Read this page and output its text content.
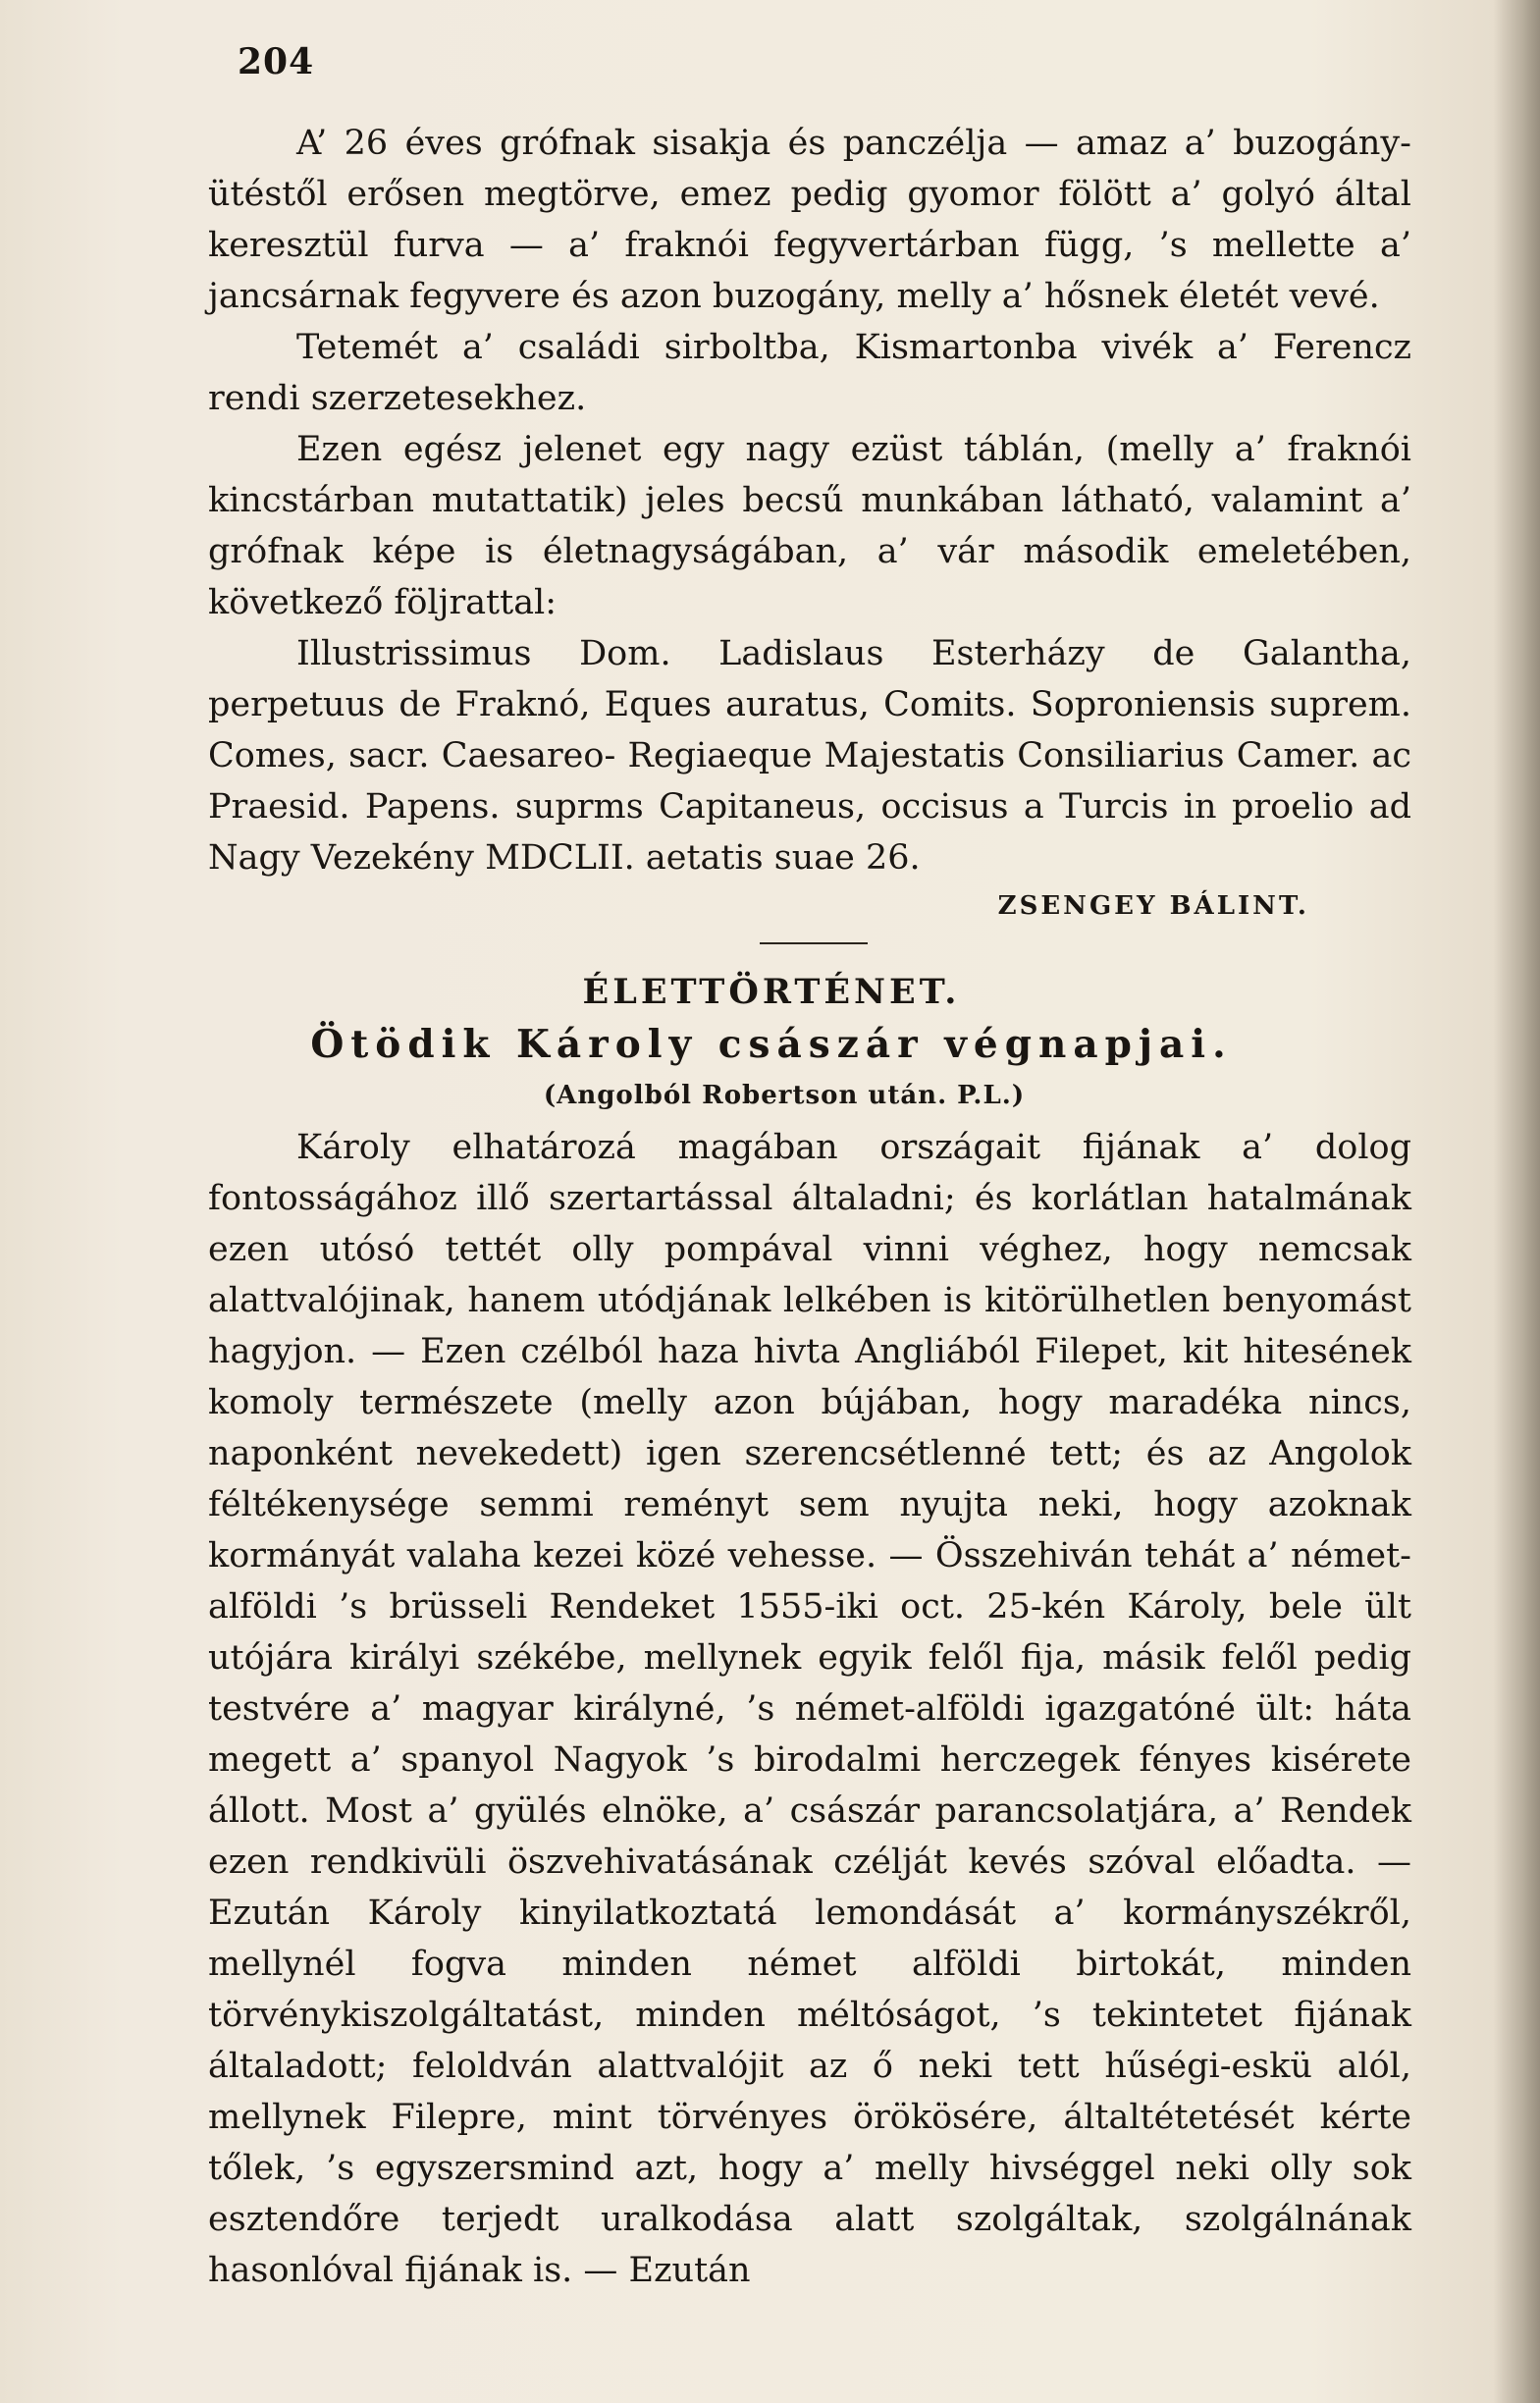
204

A’ 26 éves grófnak sisakja és panczélja — amaz a’ buzogány-ütéstől erősen megtörve, emez pedig gyomor fölött a’ golyó által keresztül furva — a’ fraknói fegyvertárban függ, ’s mellette a’ jancsárnak fegyvere és azon buzogány, melly a’ hősnek életét vevé.

Tetemét a’ családi sirboltba, Kismartonba vivék a’ Ferencz rendi szerzetesekhez.

Ezen egész jelenet egy nagy ezüst táblán, (melly a’ fraknói kincstárban mutattatik) jeles becsű munkában látható, valamint a’ grófnak képe is életnagyságában, a’ vár második emeletében, következő följrattal:

Illustrissimus Dom. Ladislaus Esterházy de Galantha, perpetuus de Fraknó, Eques auratus, Comits. Soproniensis suprem. Comes, sacr. Caesareo- Regiaeque Majestatis Consiliarius Camer. ac Praesid. Papens. suprms Capitaneus, occisus a Turcis in proelio ad Nagy Vezekény MDCLII. aetatis suae 26.

ZSENGEY BÁLINT.
ÉLETTÖRTÉNET.
Ötödik Károly császár végnapjai.
(Angolból Robertson után. P.L.)

Károly elhatározá magában országait fijának a’ dolog fontosságához illő szertartással általadni; és korlátlan hatalmának ezen utósó tettét olly pompával vinni véghez, hogy nemcsak alattvalójinak, hanem utódjának lelkében is kitörülhetlen benyomást hagyjon. — Ezen czélból haza hivta Angliából Filepet, kit hitesének komoly természete (melly azon bújában, hogy maradéka nincs, naponként nevekedett) igen szerencsétlenné tett; és az Angolok féltékenysége semmi reményt sem nyujta neki, hogy azoknak kormányát valaha kezei közé vehesse. — Összehiván tehát a’ német-alföldi ’s brüsseli Rendeket 1555-iki oct. 25-kén Károly, bele ült utójára királyi székébe, mellynek egyik felől fija, másik felől pedig testvére a’ magyar királyné, ’s német-alföldi igazgatóné ült: háta megett a’ spanyol Nagyok ’s birodalmi herczegek fényes kisérete állott. Most a’ gyülés elnöke, a’ császár parancsolatjára, a’ Rendek ezen rendkivüli öszvehivatásának czélját kevés szóval előadta. — Ezután Károly kinyilatkoztatá lemondását a’ kormányszékről, mellynél fogva minden német alföldi birtokát, minden törvénykiszolgáltatást, minden méltóságot, ’s tekintetet fijának általadott; feloldván alattvalójit az ő neki tett hűségi-eskü alól, mellynek Filepre, mint törvényes örökösére, általtétetését kérte tőlek, ’s egyszersmind azt, hogy a’ melly hivséggel neki olly sok esztendőre terjedt uralkodása alatt szolgáltak, szolgálnának hasonlóval fijának is. — Ezután
